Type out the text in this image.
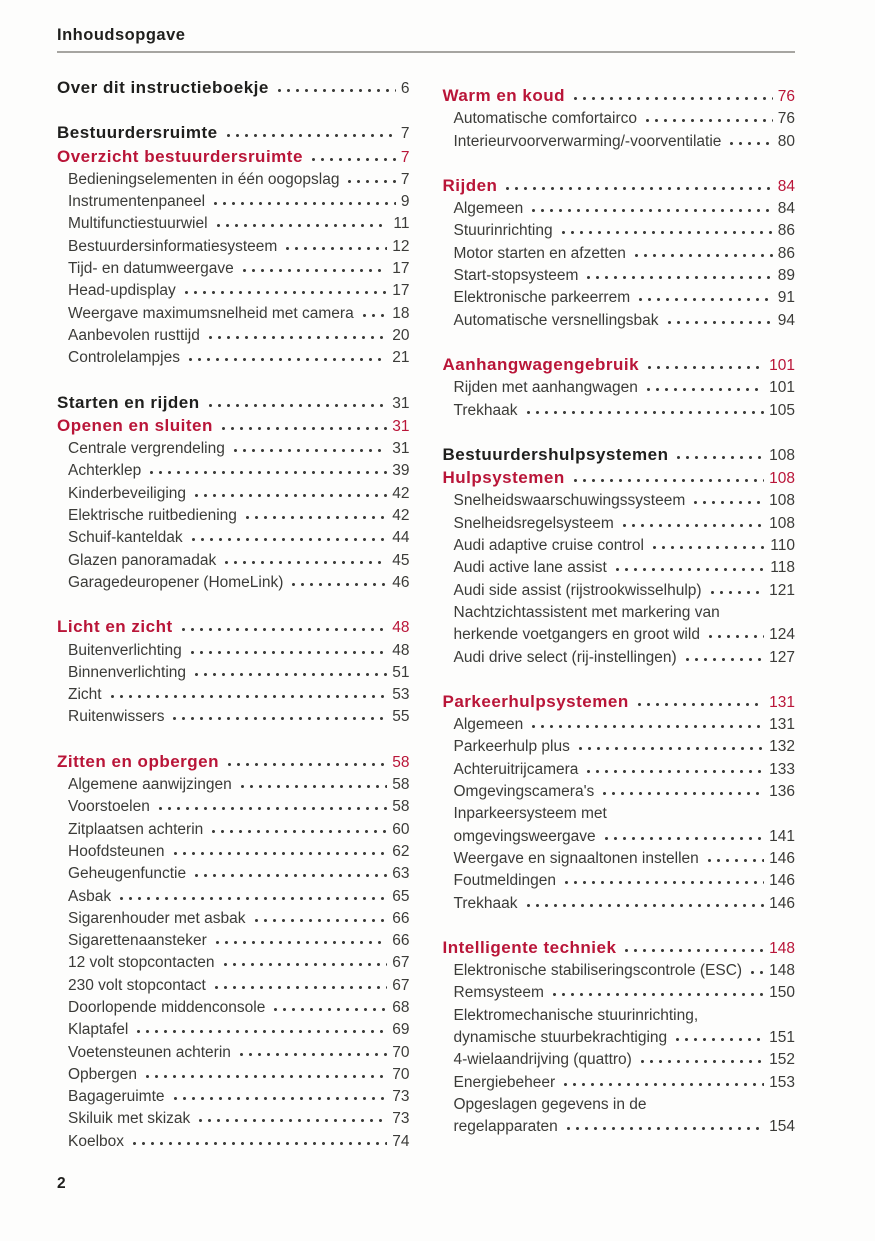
Inhoudsopgave
Over dit instructieboekje	6
Bestuurdersruimte	7
Overzicht bestuurdersruimte	7
Bedieningselementen in één oogopslag	7
Instrumentenpaneel	9
Multifunctiestuurwiel	11
Bestuurdersinformatiesysteem	12
Tijd- en datumweergave	17
Head-updisplay	17
Weergave maximumsnelheid met camera 18
Aanbevolen rusttijd	20
Controlelampjes	21
Starten en rijden	31
Openen en sluiten	31
Centrale vergrendeling	31
Achterklep	39
Kinderbeveiliging	42
Elektrische ruitbediening	42
Schuif-kanteldak	44
Glazen panoramadak	45
Garagedeuropener (HomeLink)	46
Licht en zicht	48
Buitenverlichting	48
Binnenverlichting	51
Zicht	53
Ruitenwissers	55
Zitten en opbergen	58
Algemene aanwijzingen	58
Voorstoelen	58
Zitplaatsen achterin	60
Hoofdsteunen	62
Geheugenfunctie	63
Asbak	65
Sigarenhouder met asbak	66
Sigarettenaansteker	66
12 volt stopcontacten	67
230 volt stopcontact	67
Doorlopende middenconsole	68
Klaptafel	69
Voetensteunen achterin	70
Opbergen	70
Bagageruimte	73
Skiluik met skizak	73
Koelbox	74
Warm en koud	76
Automatische comfortairco	76
Interieurvoorverwarming/-voorventilatie	80
Rijden	84
Algemeen	84
Stuurinrichting	86
Motor starten en afzetten	86
Start-stopsysteem	89
Elektronische parkeerrem	91
Automatische versnellingsbak	94
Aanhangwagengebruik	101
Rijden met aanhangwagen	101
Trekhaak	105
Bestuurdershulpsystemen	108
Hulpsystemen	108
Snelheidswaarschuwingssysteem	108
Snelheidsregelsysteem	108
Audi adaptive cruise control	110
Audi active lane assist	118
Audi side assist (rijstrookwisselhulp)	121
Nachtzichtassistent met markering van
herkende voetgangers en groot wild	124
Audi drive select (rij-instellingen)	127
Parkeerhulpsystemen	131
Algemeen	131
Parkeerhulp plus	132
Achteruitrijcamera	133
Omgevingscamera's	136
Inparkeersysteem met
omgevingsweergave	141
Weergave en signaaltonen instellen	146
Foutmeldingen	146
Trekhaak	146
Intelligente techniek	148
Elektronische stabiliseringscontrole (ESC) 148
Remsysteem	150
Elektromechanische stuurinrichting,
dynamische stuurbekrachtiging	151
4-wielaandrijving (quattro)	152
Energiebeheer	153
Opgeslagen gegevens in de
regelapparaten	154
2
